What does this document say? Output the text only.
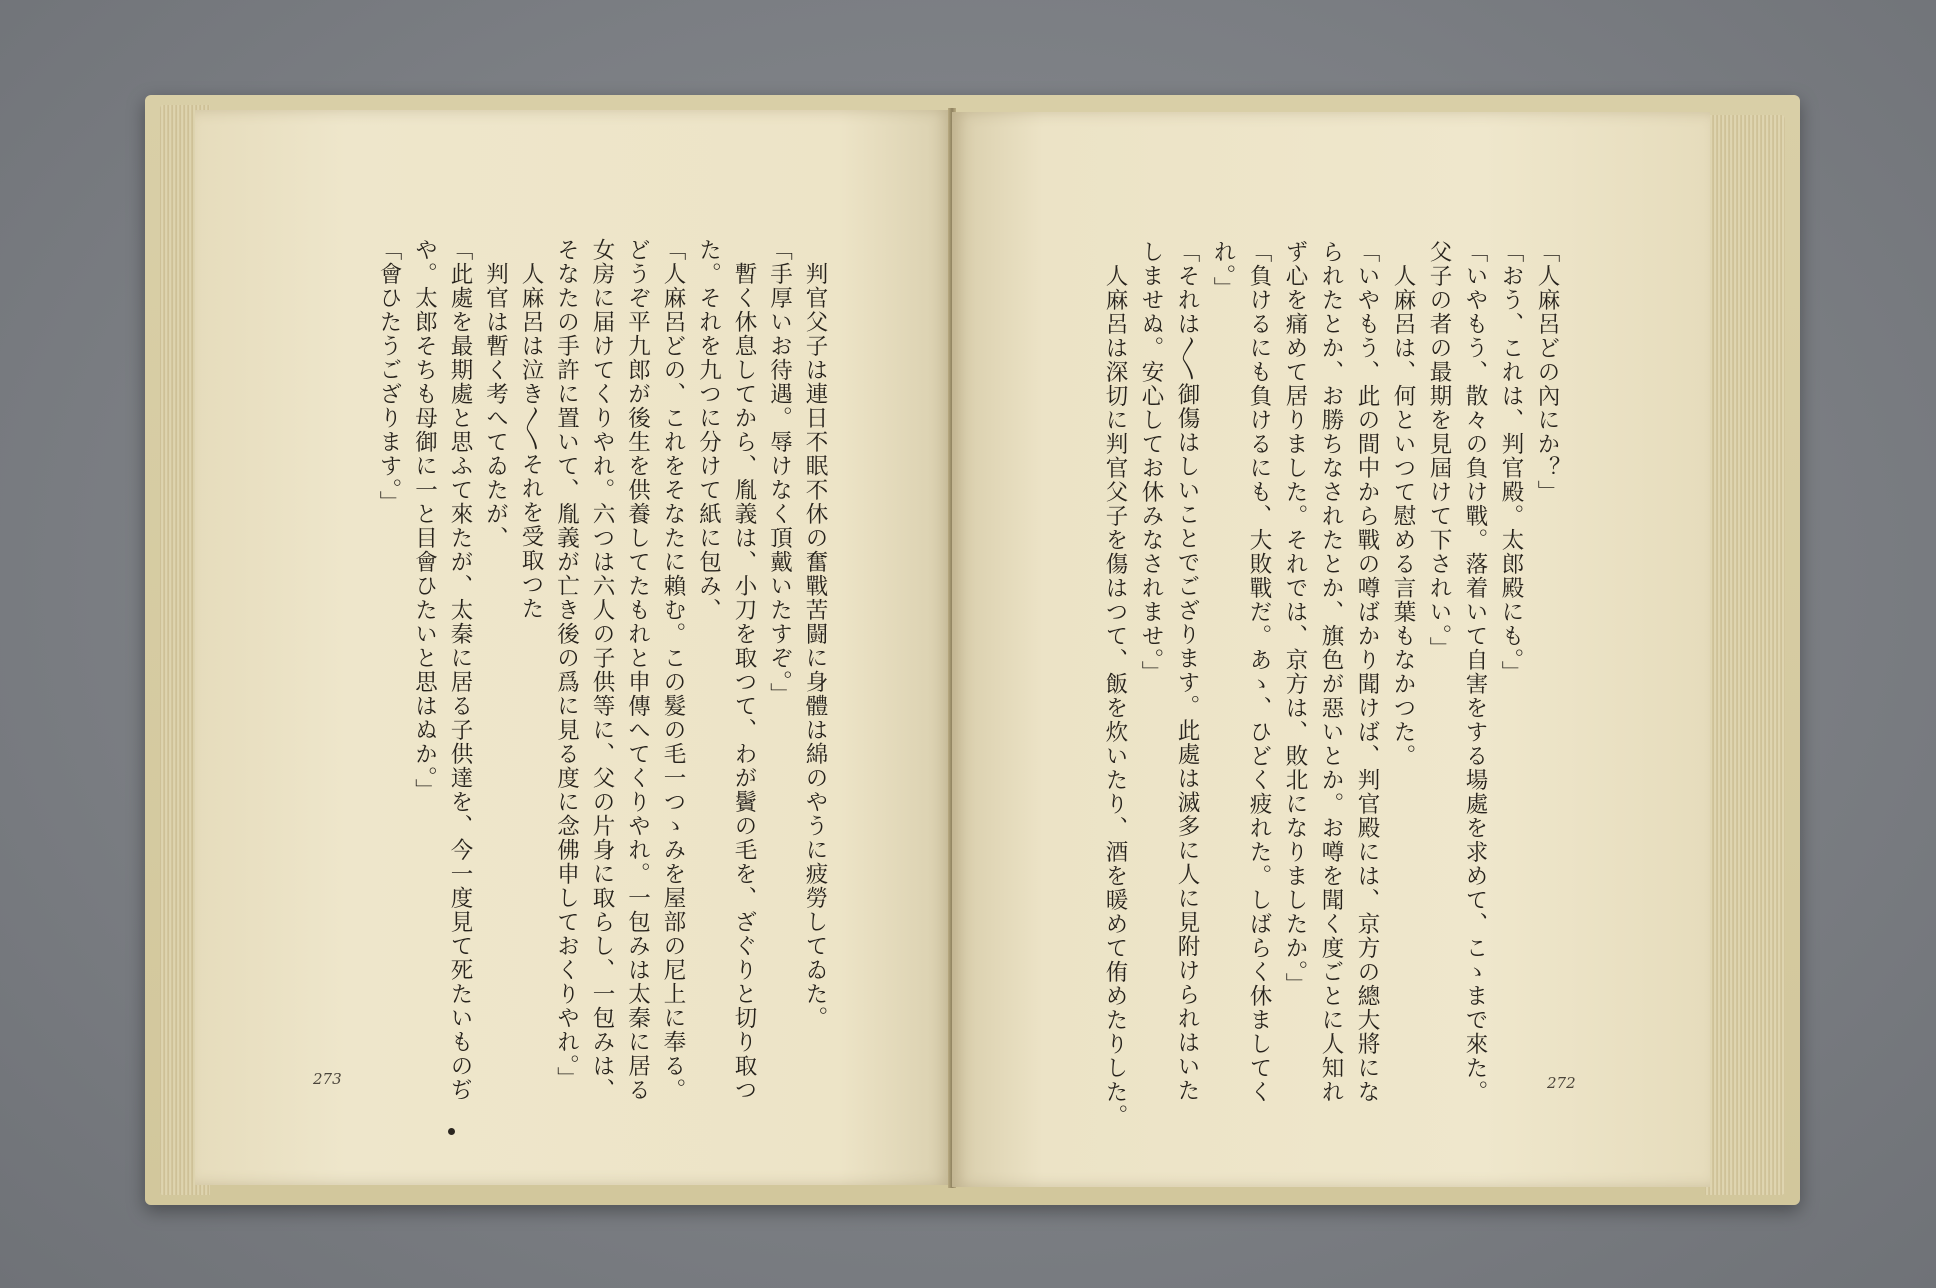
判官父子は連日不眠不休の奮戰苦闘に身體は綿のやうに疲勞してゐた。
「手厚いお待遇。辱けなく頂戴いたすぞ。」
暫く休息してから、胤義は、小刀を取つて、わが鬢の毛を、ざぐりと切り取つ
た。それを九つに分けて紙に包み、
「人麻呂どの、これをそなたに賴む。この髮の毛一つゝみを屋部の尼上に奉る。
どうぞ平九郎が後生を供養してたもれと申傳へてくりやれ。一包みは太秦に居る
女房に届けてくりやれ。六つは六人の子供等に、父の片身に取らし、一包みは、
そなたの手許に置いて、胤義が亡き後の爲に見る度に念佛申しておくりやれ。」
人麻呂は泣き〳〵それを受取つた
判官は暫く考へてゐたが、
「此處を最期處と思ふて來たが、太秦に居る子供達を、今一度見て死たいものぢ
や。太郎そちも母御に一と目會ひたいと思はぬか。」
「會ひたうござります。」
273
「人麻呂どの內にか？」
「おう、これは、判官殿。太郎殿にも。」
「いやもう、散々の負け戰。落着いて自害をする場處を求めて、こゝまで來た。
父子の者の最期を見屆けて下されい。」
人麻呂は、何といつて慰める言葉もなかつた。
「いやもう、此の間中から戰の噂ばかり聞けば、判官殿には、京方の總大將にな
られたとか、お勝ちなされたとか、旗色が惡いとか。お噂を聞く度ごとに人知れ
ず心を痛めて居りました。それでは、京方は、敗北になりましたか。」
「負けるにも負けるにも、大敗戰だ。あゝ、ひどく疲れた。しばらく休ましてく
れ。」
「それは〳〵御傷はしいことでござります。此處は滅多に人に見附けられはいた
しませぬ。安心してお休みなされませ。」
人麻呂は深切に判官父子を傷はつて、飯を炊いたり、酒を暖めて侑めたりした。	272
